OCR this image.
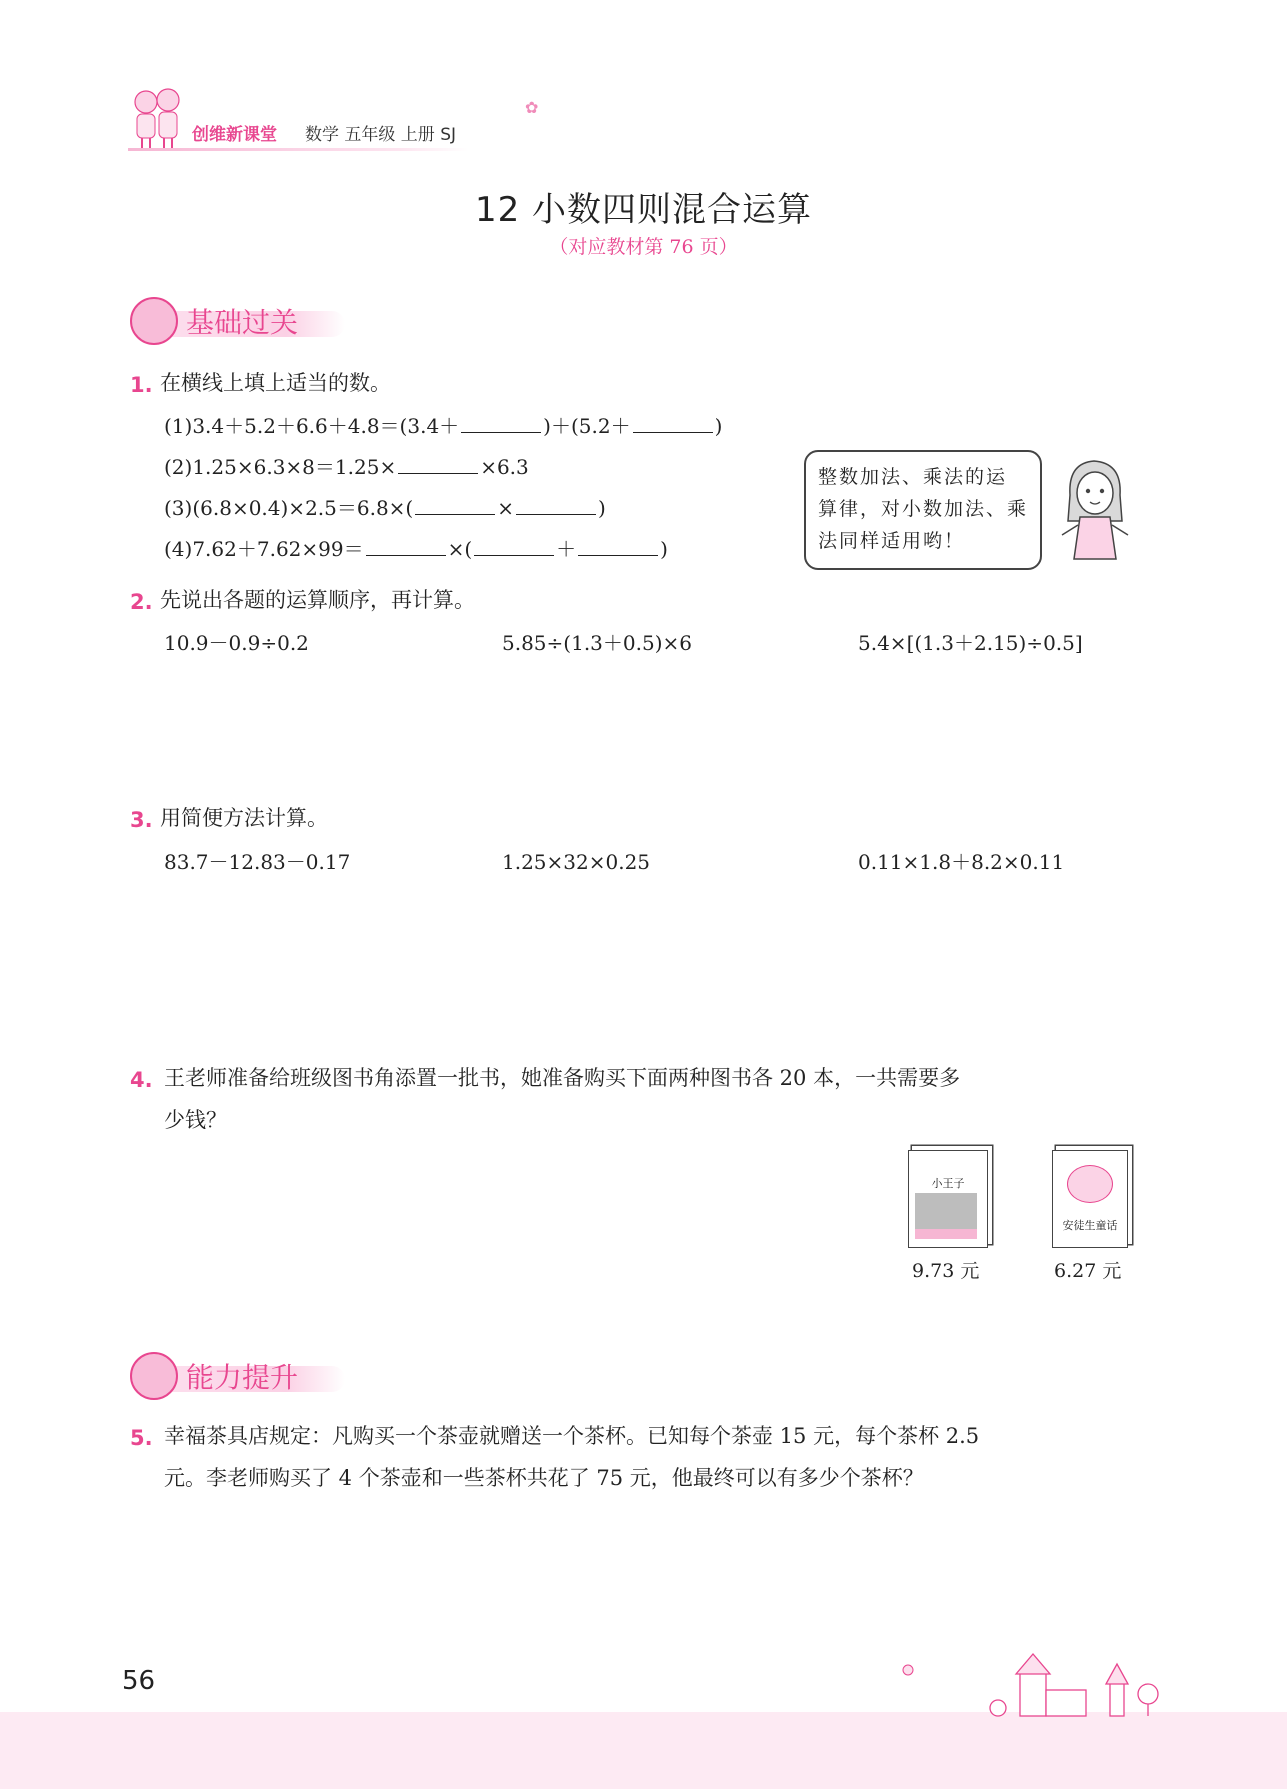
创维新课堂 数学 五年级 上册 SJ
✿
12 小数四则混合运算
（对应教材第 76 页）
基础过关
1. 在横线上填上适当的数。
(1)3.4＋5.2＋6.6＋4.8＝(3.4＋	)＋(5.2＋	)
(2)1.25×6.3×8＝1.25×	×6.3
(3)(6.8×0.4)×2.5＝6.8×(	×	)
(4)7.62＋7.62×99＝	×(	＋	)
整数加法、乘法的运
算律，对小数加法、乘
法同样适用哟！
2. 先说出各题的运算顺序，再计算。
10.9－0.9÷0.2	5.85÷(1.3＋0.5)×6	5.4×[(1.3＋2.15)÷0.5]
3. 用简便方法计算。
83.7－12.83－0.17	1.25×32×0.25	0.11×1.8＋8.2×0.11
4. 王老师准备给班级图书角添置一批书，她准备购买下面两种图书各 20 本，一共需要多
少钱？
小王子
9.73 元
安徒生童话
6.27 元
能力提升
5. 幸福茶具店规定：凡购买一个茶壶就赠送一个茶杯。已知每个茶壶 15 元，每个茶杯 2.5
元。李老师购买了 4 个茶壶和一些茶杯共花了 75 元，他最终可以有多少个茶杯？
56
